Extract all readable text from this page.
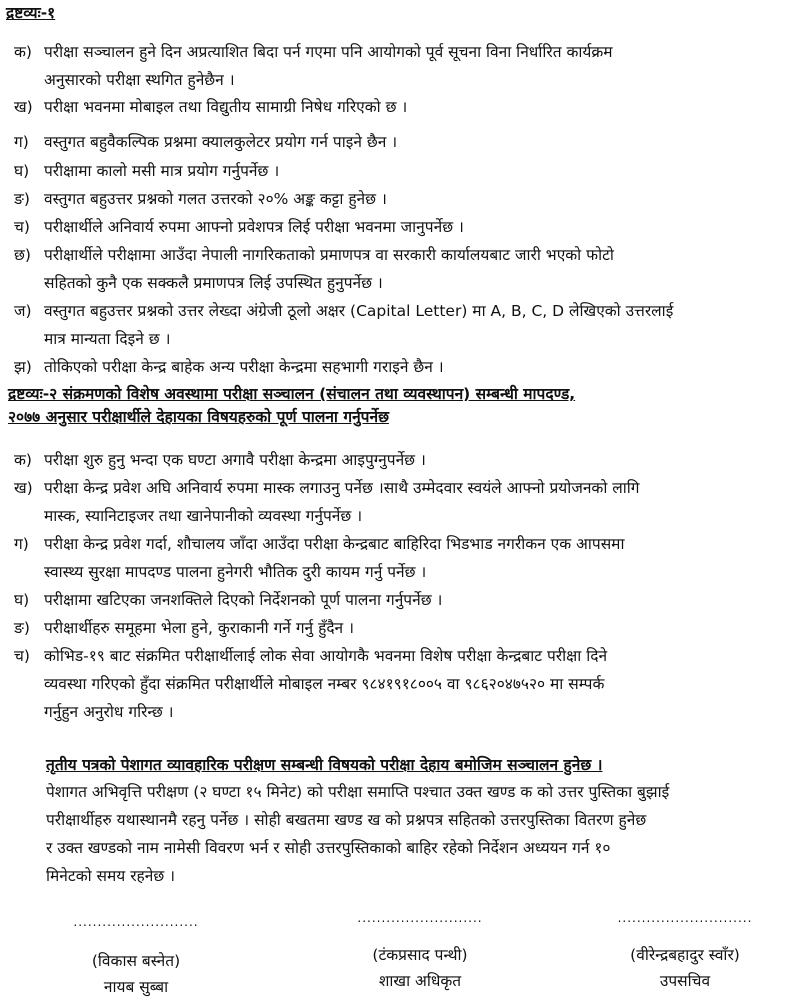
द्रष्टव्यः-१
क) परीक्षा सञ्चालन हुने दिन अप्रत्याशित बिदा पर्न गएमा पनि आयोगको पूर्व सूचना विना निर्धारित कार्यक्रम
अनुसारको परीक्षा स्थगित हुनेछैन ।
ख) परीक्षा भवनमा मोबाइल तथा विद्युतीय सामाग्री निषेध गरिएको छ ।
ग) वस्तुगत बहुवैकल्पिक प्रश्नमा क्यालकुलेटर प्रयोग गर्न पाइने छैन ।
घ) परीक्षामा कालो मसी मात्र प्रयोग गर्नुपर्नेछ ।
ङ) वस्तुगत बहुउत्तर प्रश्नको गलत उत्तरको २०% अङ्क कट्टा हुनेछ ।
च) परीक्षार्थीले अनिवार्य रुपमा आफ्नो प्रवेशपत्र लिई परीक्षा भवनमा जानुपर्नेछ ।
छ) परीक्षार्थीले परीक्षामा आउँदा नेपाली नागरिकताको प्रमाणपत्र वा सरकारी कार्यालयबाट जारी भएको फोटो
सहितको कुनै एक सक्कलै प्रमाणपत्र लिई उपस्थित हुनुपर्नेछ ।
ज) वस्तुगत बहुउत्तर प्रश्नको उत्तर लेख्दा अंग्रेजी ठूलो अक्षर (Capital Letter) मा A, B, C, D लेखिएको उत्तरलाई
मात्र मान्यता दिइने छ ।
झ) तोकिएको परीक्षा केन्द्र बाहेक अन्य परीक्षा केन्द्रमा सहभागी गराइने छैन ।
द्रष्टव्यः-२ संक्रमणको विशेष अवस्थामा परीक्षा सञ्चालन (संचालन तथा व्यवस्थापन) सम्बन्धी मापदण्ड,
२०७७ अनुसार परीक्षार्थीले देहायका विषयहरुको पूर्ण पालना गर्नुपर्नेछ
क) परीक्षा शुरु हुनु भन्दा एक घण्टा अगावै परीक्षा केन्द्रमा आइपुग्नुपर्नेछ ।
ख) परीक्षा केन्द्र प्रवेश अघि अनिवार्य रुपमा मास्क लगाउनु पर्नेछ ।साथै उम्मेदवार स्वयंले आफ्नो प्रयोजनको लागि
मास्क, स्यानिटाइजर तथा खानेपानीको व्यवस्था गर्नुपर्नेछ ।
ग) परीक्षा केन्द्र प्रवेश गर्दा, शौचालय जाँदा आउँदा परीक्षा केन्द्रबाट बाहिरिदा भिडभाड नगरीकन एक आपसमा
स्वास्थ्य सुरक्षा मापदण्ड पालना हुनेगरी भौतिक दुरी कायम गर्नु पर्नेछ ।
घ) परीक्षामा खटिएका जनशक्तिले दिएको निर्देशनको पूर्ण पालना गर्नुपर्नेछ ।
ङ) परीक्षार्थीहरु समूहमा भेला हुने, कुराकानी गर्ने गर्नु हुँदैन ।
च) कोभिड-१९ बाट संक्रमित परीक्षार्थीलाई लोक सेवा आयोगकै भवनमा विशेष परीक्षा केन्द्रबाट परीक्षा दिने
व्यवस्था गरिएको हुँदा संक्रमित परीक्षार्थीले मोबाइल नम्बर ९८४१९१८००५ वा ९८६२०४७५२० मा सम्पर्क
गर्नुहुन अनुरोध गरिन्छ ।
तृतीय पत्रको पेशागत व्यावहारिक परीक्षण सम्बन्धी विषयको परीक्षा देहाय बमोजिम सञ्चालन हुनेछ ।
पेशागत अभिवृत्ति परीक्षण (२ घण्टा १५ मिनेट) को परीक्षा समाप्ति पश्चात उक्त खण्ड क को उत्तर पुस्तिका बुझाई
परीक्षार्थीहरु यथास्थानमै रहनु पर्नेछ । सोही बखतमा खण्ड ख को प्रश्नपत्र सहितको उत्तरपुस्तिका वितरण हुनेछ
र उक्त खण्डको नाम नामेसी विवरण भर्न र सोही उत्तरपुस्तिकाको बाहिर रहेको निर्देशन अध्ययन गर्न १०
मिनेटको समय रहनेछ ।
..........................
(विकास बस्नेत)
नायब सुब्बा
..........................
(टंकप्रसाद पन्थी)
शाखा अधिकृत
............................
(वीरेन्द्रबहादुर स्वाँर)
उपसचिव
